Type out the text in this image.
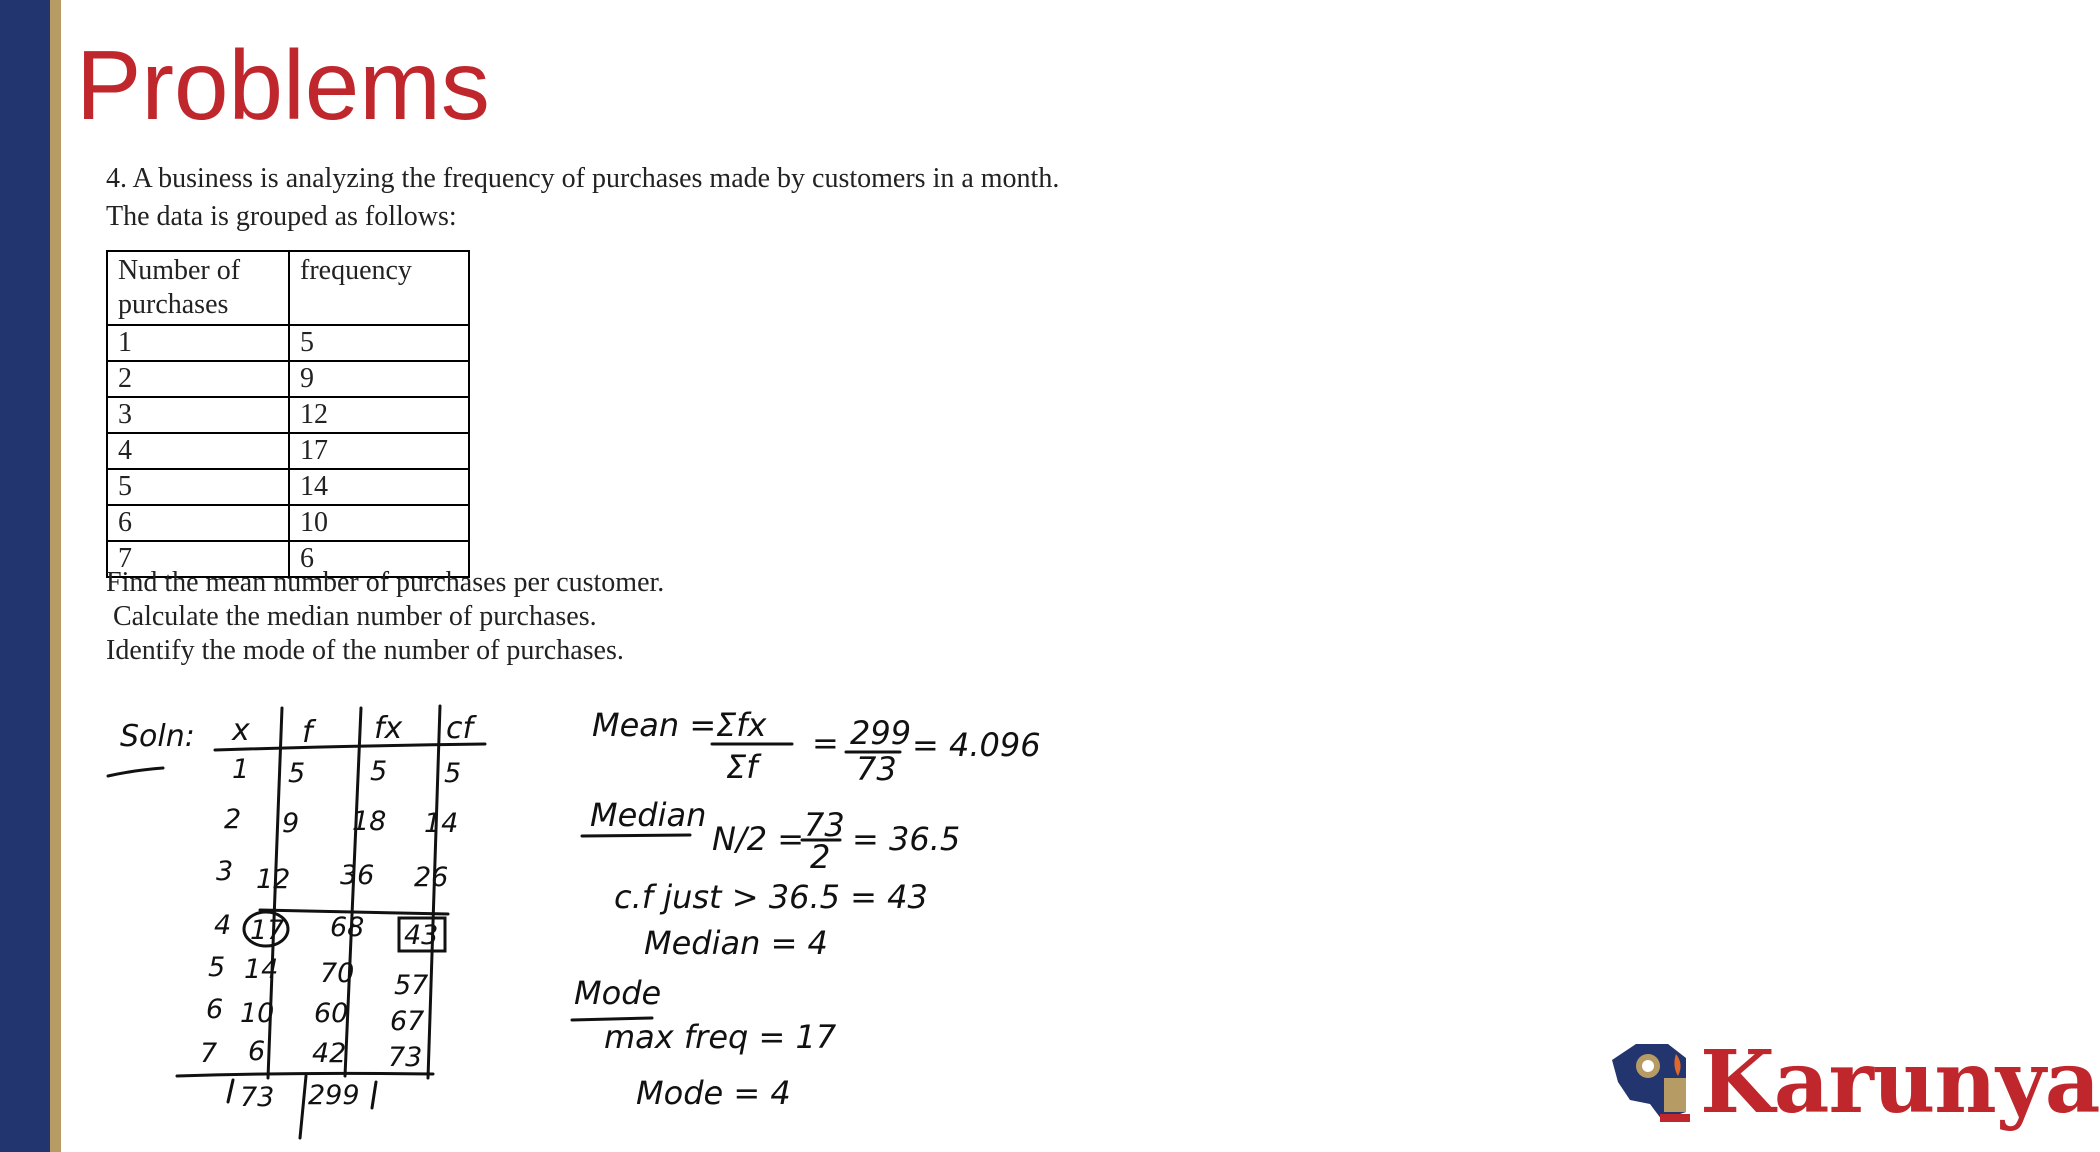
Problems
4. A business is analyzing the frequency of purchases made by customers in a month. The data is grouped as follows:
Number of purchases	frequency
1	5
2	9
3	12
4	17
5	14
6	10
7	6
Find the mean number of purchases per customer.
Calculate the median number of purchases.
Identify the mode of the number of purchases.
Soln: x f fx cf
1 5 5 5
2 9 18 14
3 12 36 26
4 17 68 43
5 14 70 57
6 10 60 67
7 6 42 73
73 299
Mean = Σfx
Σf
= 299
73
= 4.096
Median
N/2 = 73
2 = 36.5
c.f just > 36.5 = 43
Median = 4
Mode
max freq = 17
Mode = 4	Karunya
